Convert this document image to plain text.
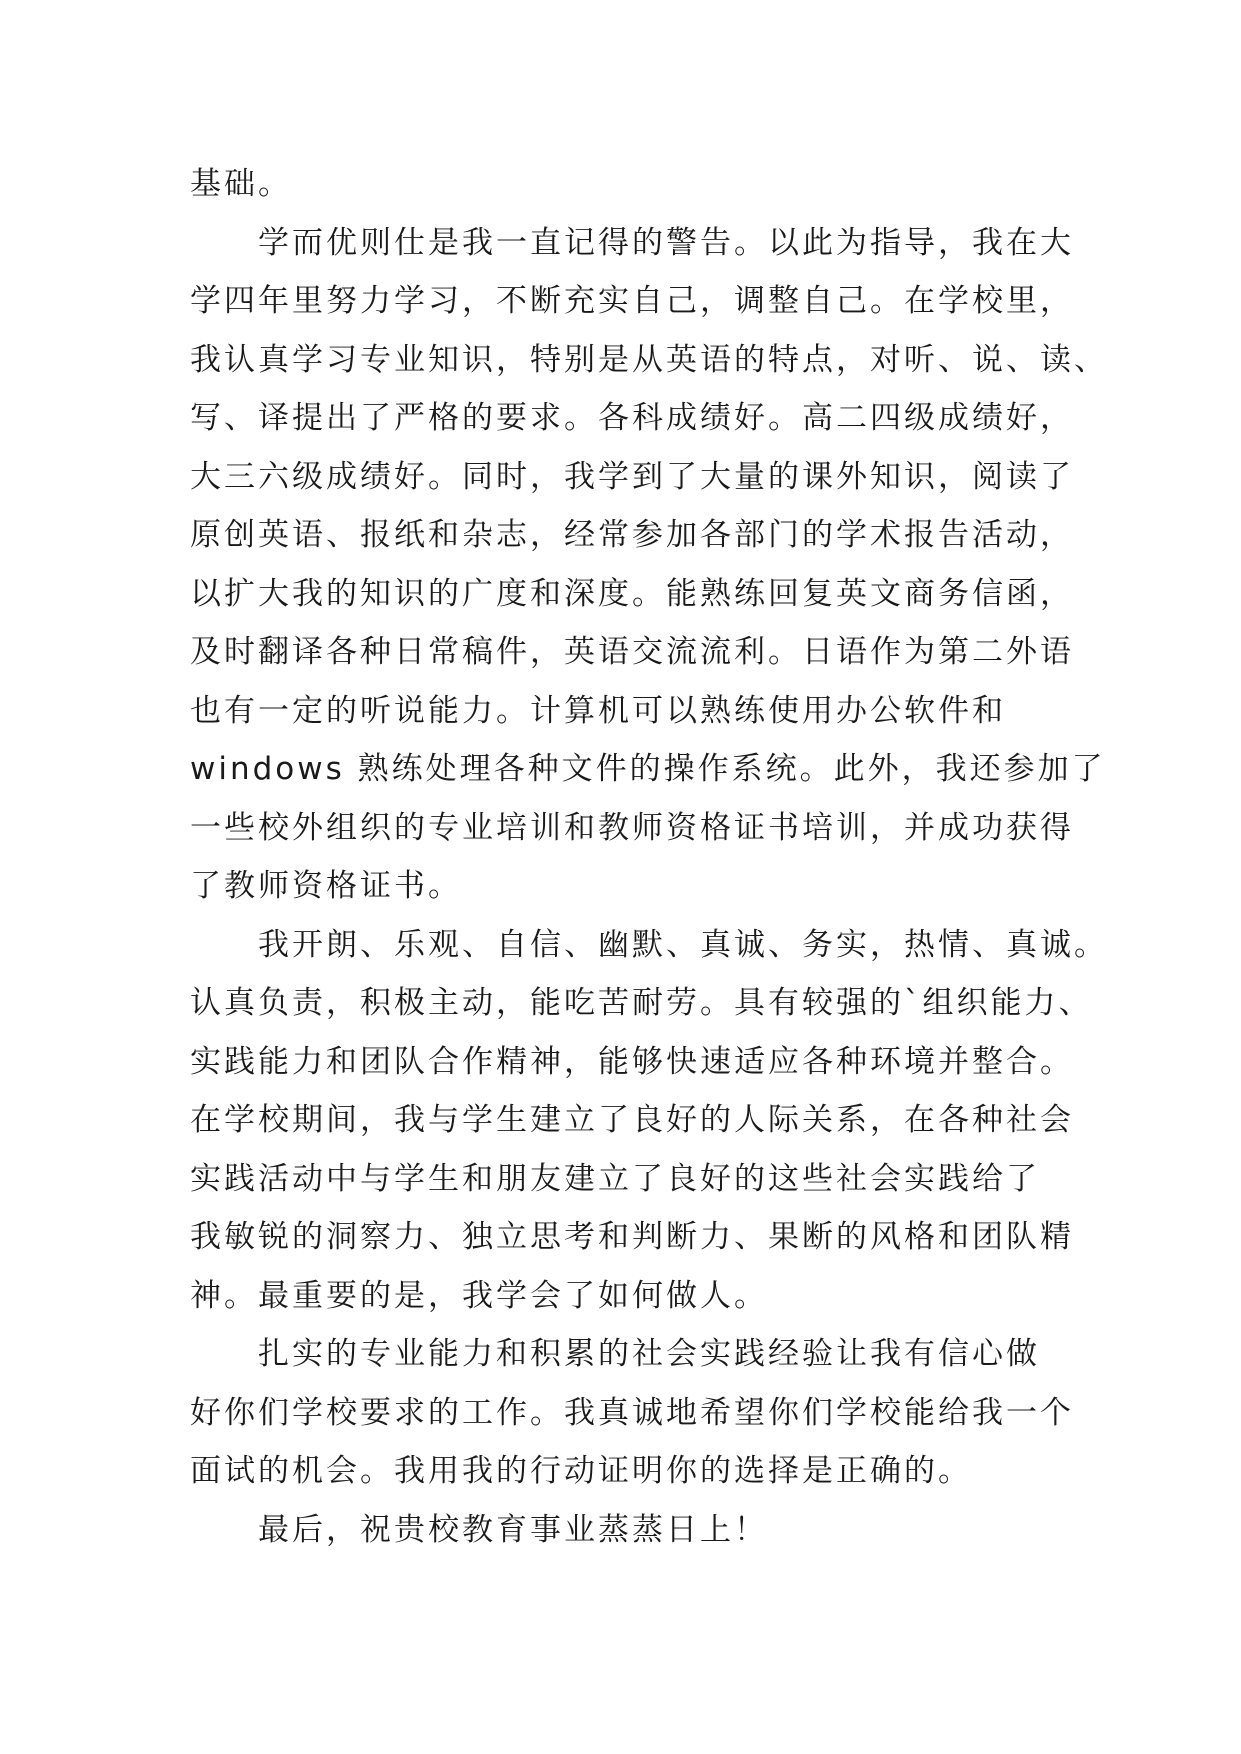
基础。

学而优则仕是我一直记得的警告。以此为指导，我在大
学四年里努力学习，不断充实自己，调整自己。在学校里，
我认真学习专业知识，特别是从英语的特点，对听、说、读、
写、译提出了严格的要求。各科成绩好。高二四级成绩好，
大三六级成绩好。同时，我学到了大量的课外知识，阅读了
原创英语、报纸和杂志，经常参加各部门的学术报告活动，
以扩大我的知识的广度和深度。能熟练回复英文商务信函，
及时翻译各种日常稿件，英语交流流利。日语作为第二外语
也有一定的听说能力。计算机可以熟练使用办公软件和
windows 熟练处理各种文件的操作系统。此外，我还参加了
一些校外组织的专业培训和教师资格证书培训，并成功获得
了教师资格证书。

我开朗、乐观、自信、幽默、真诚、务实，热情、真诚。
认真负责，积极主动，能吃苦耐劳。具有较强的`组织能力、
实践能力和团队合作精神，能够快速适应各种环境并整合。
在学校期间，我与学生建立了良好的人际关系，在各种社会
实践活动中与学生和朋友建立了良好的这些社会实践给了
我敏锐的洞察力、独立思考和判断力、果断的风格和团队精
神。最重要的是，我学会了如何做人。

扎实的专业能力和积累的社会实践经验让我有信心做
好你们学校要求的工作。我真诚地希望你们学校能给我一个
面试的机会。我用我的行动证明你的选择是正确的。

最后，祝贵校教育事业蒸蒸日上！
